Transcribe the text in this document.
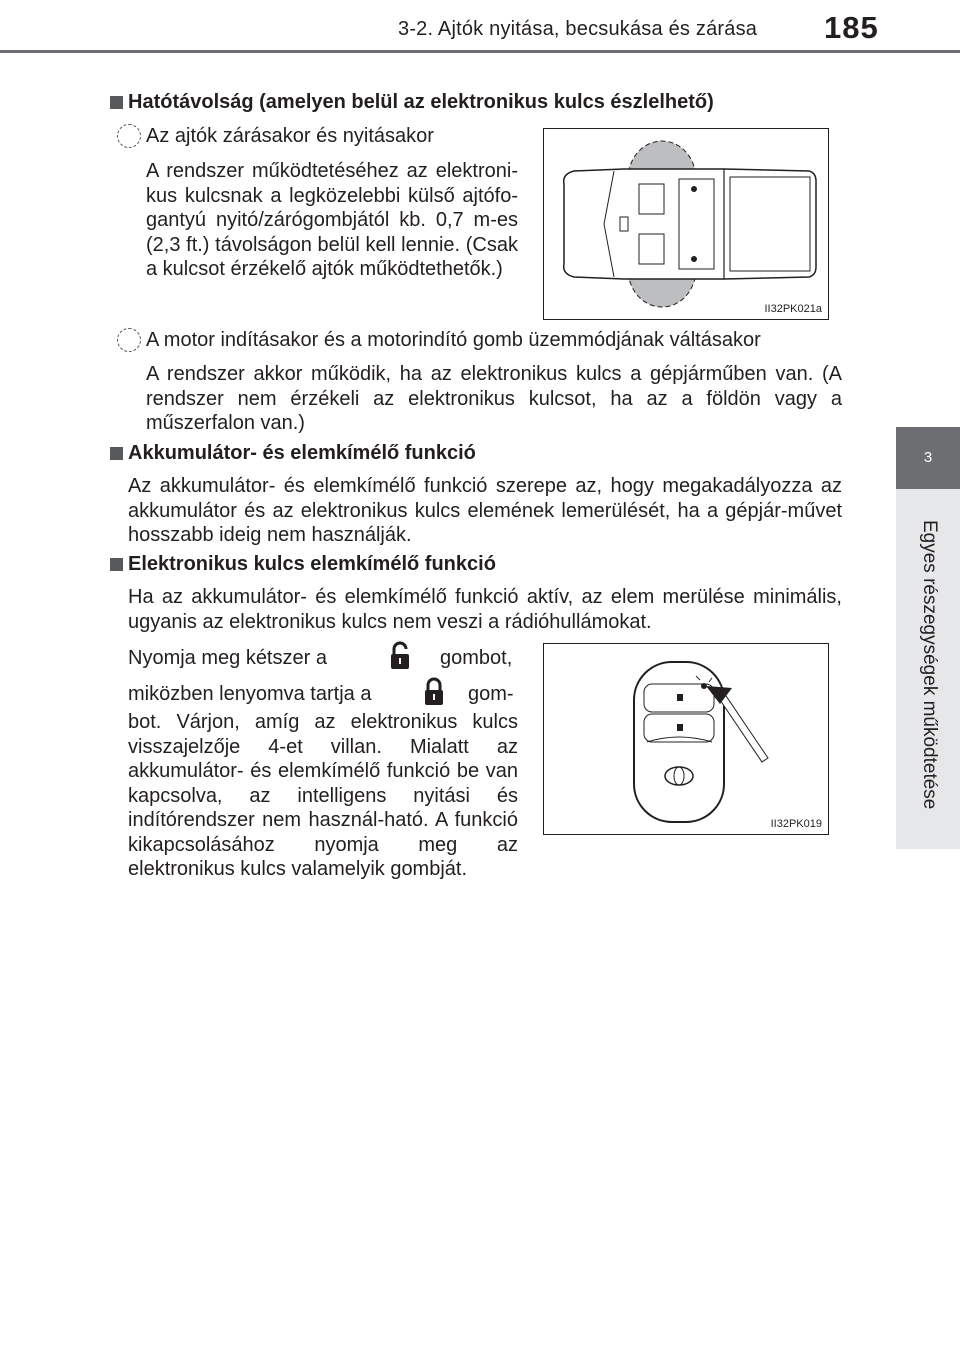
3-2. Ajtók nyitása, becsukása és zárása 185
3
Egyes részegységek működtetése
Hatótávolság (amelyen belül az elektronikus kulcs észlelhető)
Az ajtók zárásakor és nyitásakor
A rendszer működtetéséhez az elektroni-kus kulcsnak a legközelebbi külső ajtófo-gantyú nyitó/zárógombjától kb. 0,7 m-es (2,3 ft.) távolságon belül kell lennie. (Csak a kulcsot érzékelő ajtók működtethetők.)
II32PK021a
A motor indításakor és a motorindító gomb üzemmódjának váltásakor
A rendszer akkor működik, ha az elektronikus kulcs a gépjárműben van. (A rendszer nem érzékeli az elektronikus kulcsot, ha az a földön vagy a műszerfalon van.)
Akkumulátor- és elemkímélő funkció
Az akkumulátor- és elemkímélő funkció szerepe az, hogy megakadályozza az akkumulátor és az elektronikus kulcs elemének lemerülését, ha a gépjár-művet hosszabb ideig nem használják.
Elektronikus kulcs elemkímélő funkció
Ha az akkumulátor- és elemkímélő funkció aktív, az elem merülése minimális, ugyanis az elektronikus kulcs nem veszi a rádióhullámokat.
Nyomja meg kétszer a	gombot,
miközben lenyomva tartja a	gom-
bot. Várjon, amíg az elektronikus kulcs visszajelzője 4-et villan. Mialatt az akkumulátor- és elemkímélő funkció be van kapcsolva, az intelligens nyitási és indítórendszer nem használ-ható. A funkció kikapcsolásához nyomja meg az elektronikus kulcs valamelyik gombját.
II32PK019
